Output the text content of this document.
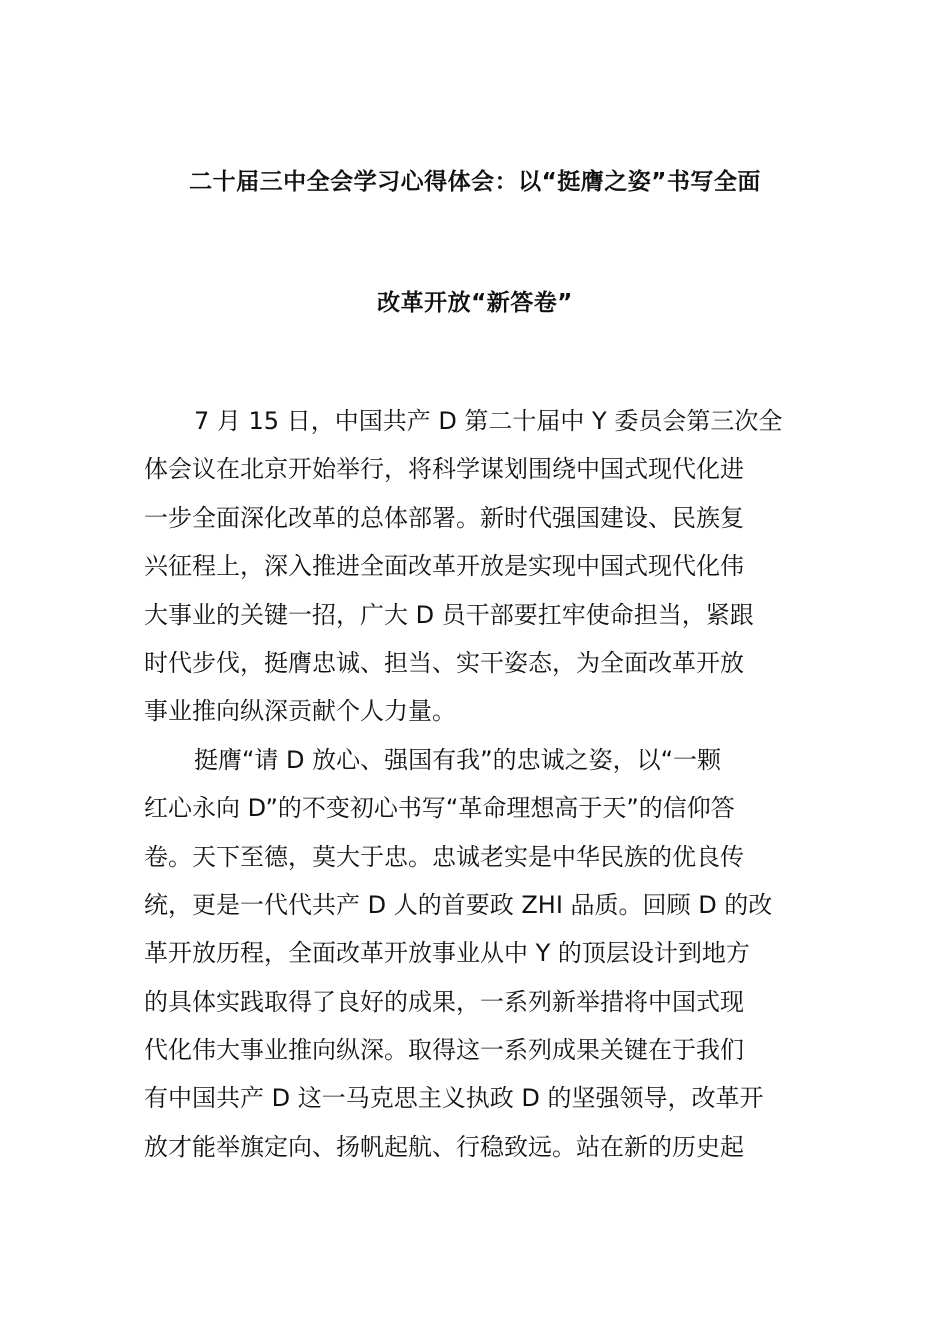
二十届三中全会学习心得体会：以“挺膺之姿”书写全面
改革开放“新答卷”
7 月 15 日，中国共产 D 第二十届中 Y 委员会第三次全
体会议在北京开始举行，将科学谋划围绕中国式现代化进
一步全面深化改革的总体部署。新时代强国建设、民族复
兴征程上，深入推进全面改革开放是实现中国式现代化伟
大事业的关键一招，广大 D 员干部要扛牢使命担当，紧跟
时代步伐，挺膺忠诚、担当、实干姿态，为全面改革开放
事业推向纵深贡献个人力量。
挺膺“请 D 放心、强国有我”的忠诚之姿，以“一颗
红心永向 D”的不变初心书写“革命理想高于天”的信仰答
卷。天下至德，莫大于忠。忠诚老实是中华民族的优良传
统，更是一代代共产 D 人的首要政 ZHI 品质。回顾 D 的改
革开放历程，全面改革开放事业从中 Y 的顶层设计到地方
的具体实践取得了良好的成果，一系列新举措将中国式现
代化伟大事业推向纵深。取得这一系列成果关键在于我们
有中国共产 D 这一马克思主义执政 D 的坚强领导，改革开
放才能举旗定向、扬帆起航、行稳致远。站在新的历史起
